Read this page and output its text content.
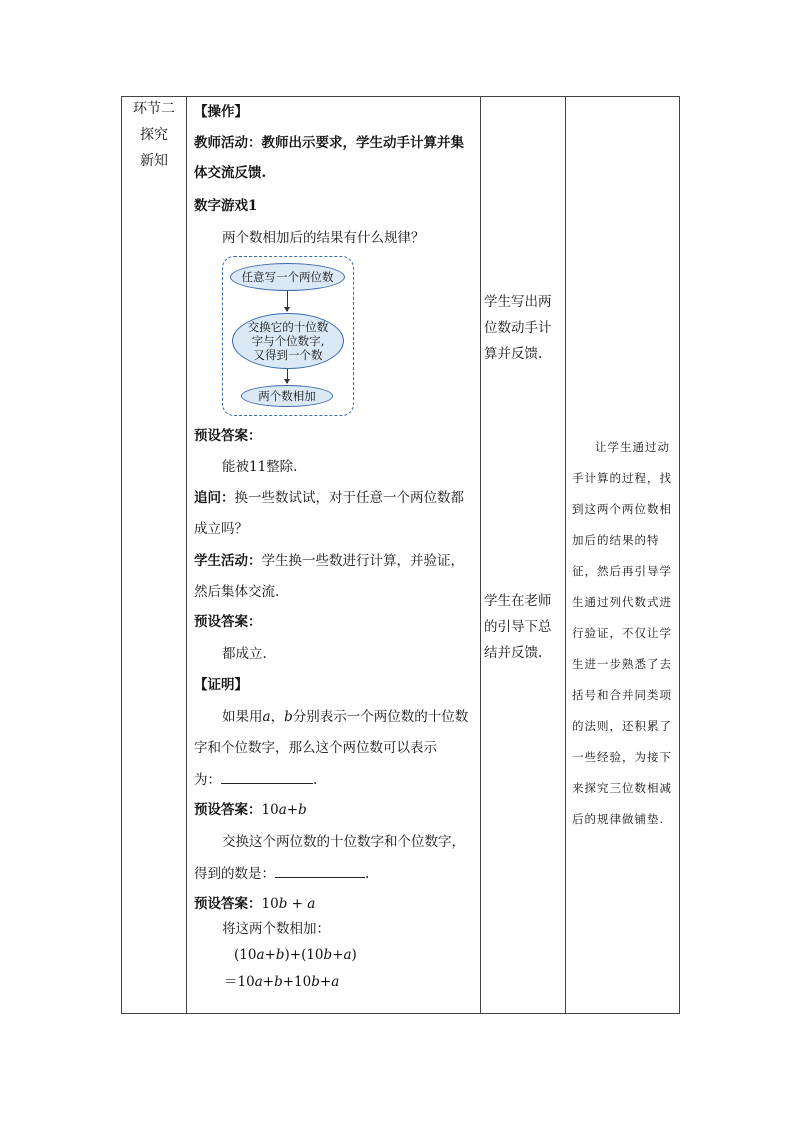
环节二
探究
新知
【操作】
教师活动：教师出示要求，学生动手计算并集
体交流反馈.
数字游戏1
两个数相加后的结果有什么规律？
预设答案：
能被11整除.
追问：换一些数试试，对于任意一个两位数都
成立吗？
学生活动：学生换一些数进行计算，并验证，
然后集体交流.
预设答案：
都成立.
【证明】
如果用a，b分别表示一个两位数的十位数
字和个位数字，那么这个两位数可以表示
为：	.
预设答案：10a+b
交换这个两位数的十位数字和个位数字，
得到的数是：	.
预设答案：10b + a
将这两个数相加：
(10a+b)+(10b+a)
＝10a+b+10b+a
任意写一个两位数
交换它的十位数
字与个位数字,
又得到一个数
两个数相加
学生写出两位数动手计算并反馈.
学生在老师的引导下总结并反馈.
让学生通过动手计算的过程，找到这两个两位数相加后的结果的特征，然后再引导学生通过列代数式进行验证，不仅让学生进一步熟悉了去括号和合并同类项的法则，还积累了一些经验，为接下来探究三位数相减后的规律做铺垫.
